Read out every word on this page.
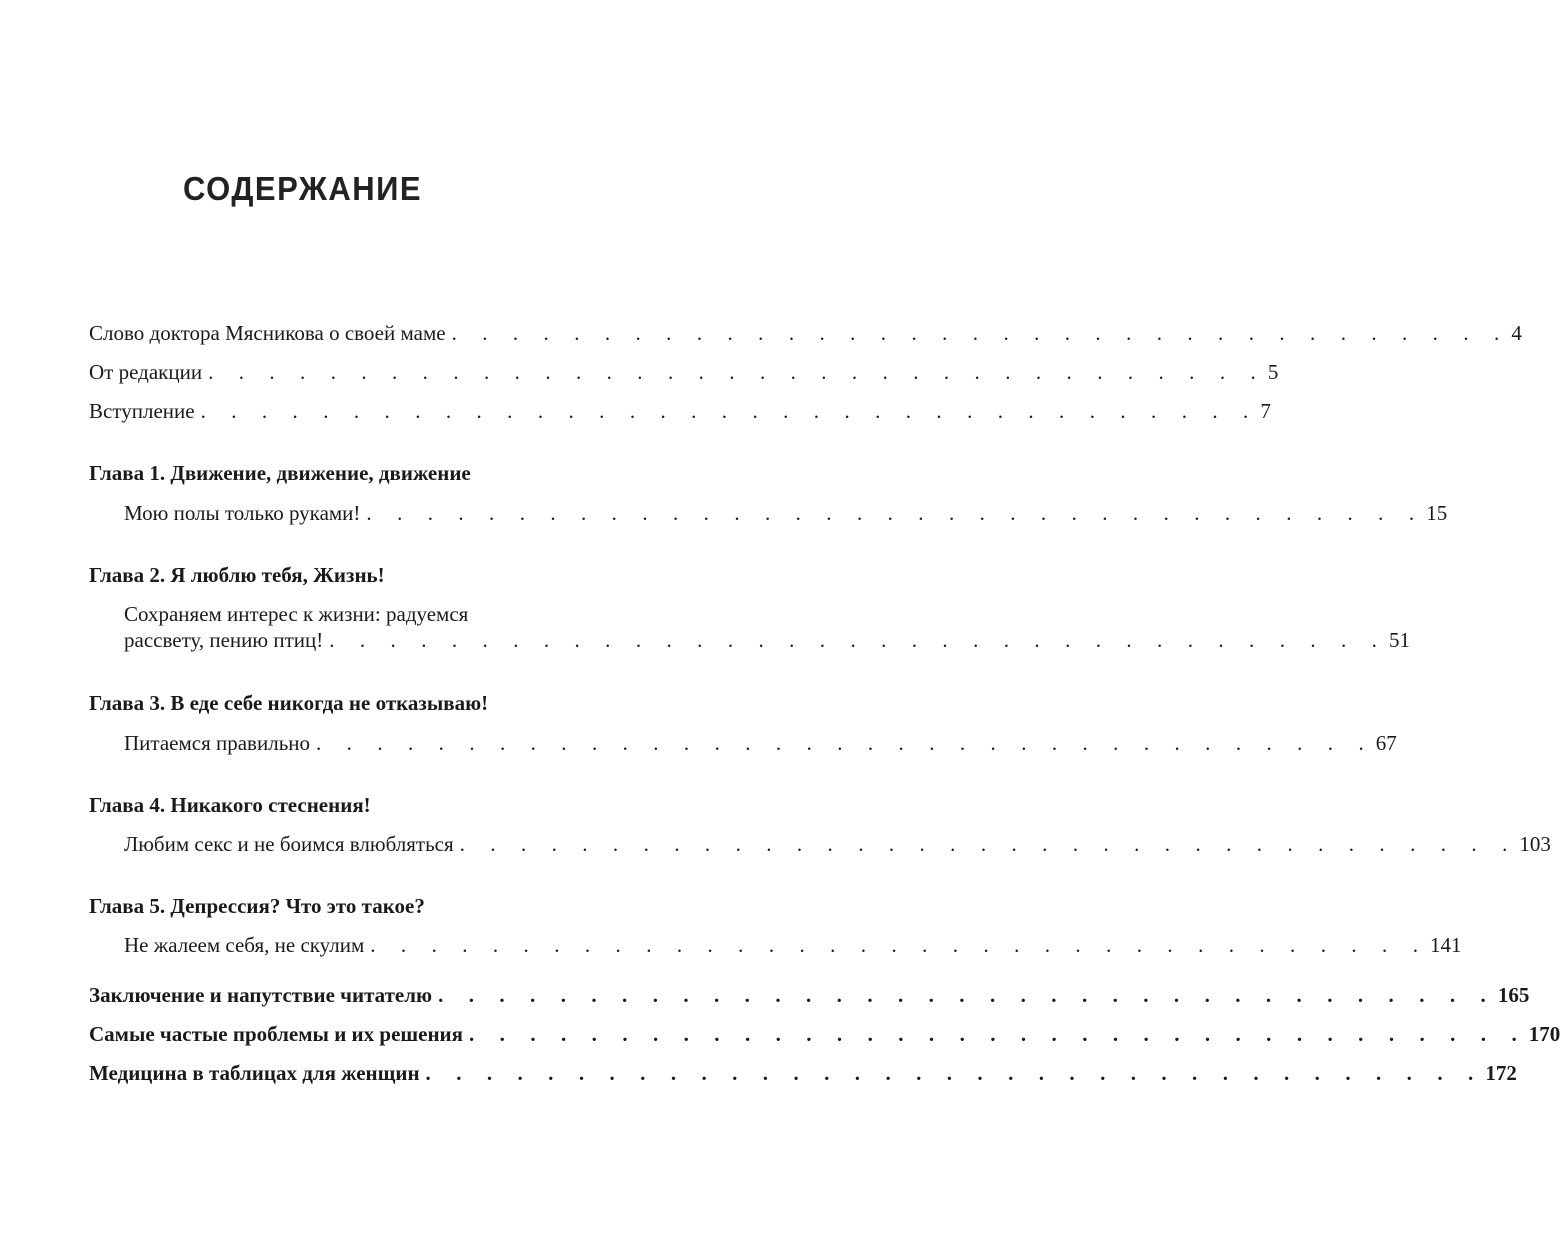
СОДЕРЖАНИЕ
Слово доктора Мясникова о своей маме . . . . . . . . . . . . . . . . . . . . . . . . . . . . . . . . . . . 4
От редакции . . . . . . . . . . . . . . . . . . . . . . . . . . . . . . . . . . . 5
Вступление . . . . . . . . . . . . . . . . . . . . . . . . . . . . . . . . . . . 7
Глава 1. Движение, движение, движение
Мою полы только руками! . . . . . . . . . . . . . . . . . . . . . . . . . . . . . . . . . . . 15
Глава 2. Я люблю тебя, Жизнь!
Сохраняем интерес к жизни: радуемся
рассвету, пению птиц! . . . . . . . . . . . . . . . . . . . . . . . . . . . . . . . . . . . 51
Глава 3. В еде себе никогда не отказываю!
Питаемся правильно . . . . . . . . . . . . . . . . . . . . . . . . . . . . . . . . . . . 67
Глава 4. Никакого стеснения!
Любим секс и не боимся влюбляться . . . . . . . . . . . . . . . . . . . . . . . . . . . . . . . . . . . 103
Глава 5. Депрессия? Что это такое?
Не жалеем себя, не скулим . . . . . . . . . . . . . . . . . . . . . . . . . . . . . . . . . . . 141
Заключение и напутствие читателю . . . . . . . . . . . . . . . . . . . . . . . . . . . . . . . . . . . 165
Самые частые проблемы и их решения . . . . . . . . . . . . . . . . . . . . . . . . . . . . . . . . . . . 170
Медицина в таблицах для женщин . . . . . . . . . . . . . . . . . . . . . . . . . . . . . . . . . . . 172
